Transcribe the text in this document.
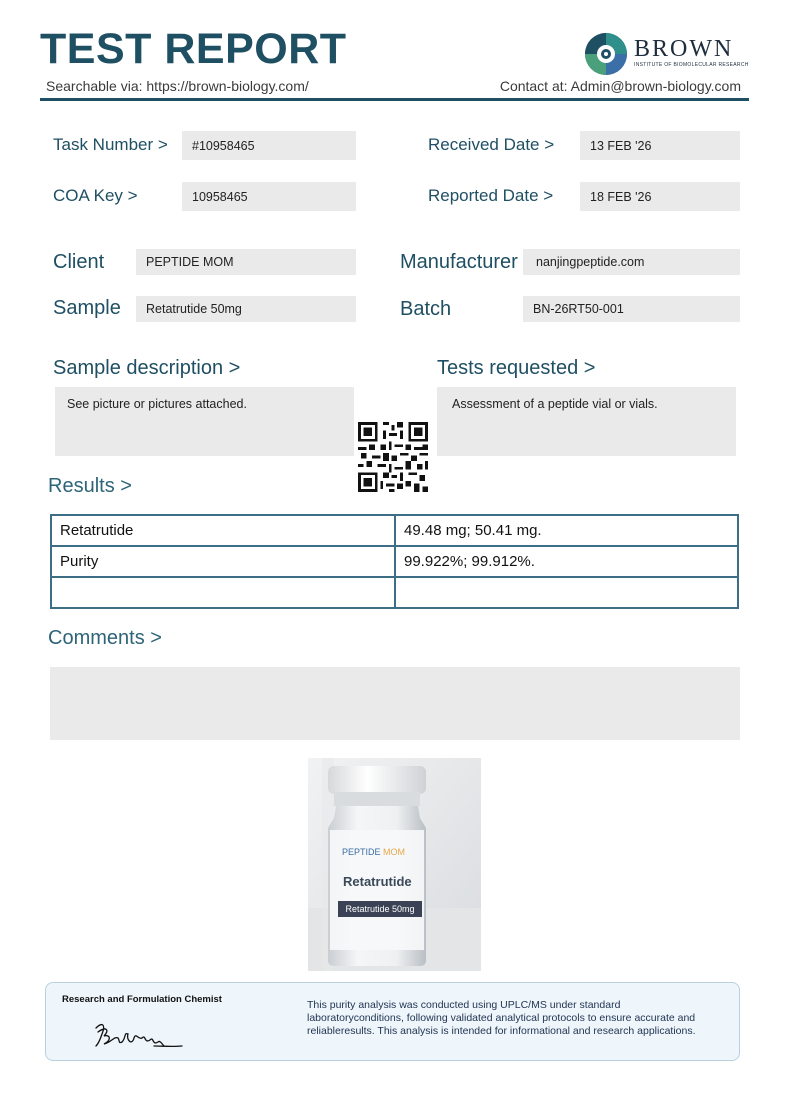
TEST REPORT
Searchable via: https://brown-biology.com/	Contact at: Admin@brown-biology.com
BROWN
INSTITUTE OF BIOMOLECULAR RESEARCH
Task Number >	#10958465	Received Date >	13 FEB '26
COA Key >	10958465	Reported Date >	18 FEB '26
Client	PEPTIDE MOM	Manufacturer	nanjingpeptide.com
Sample	Retatrutide 50mg	Batch	BN-26RT50-001
Sample description >
See picture or pictures attached.
Tests requested >
Assessment of a peptide vial or vials.
Results >
Retatrutide	49.48 mg; 50.41 mg.
Purity	99.922%; 99.912%.

Comments >
PEPTIDE MOM
Retatrutide
Retatrutide 50mg
Research and Formulation Chemist	This purity analysis was conducted using UPLC/MS under standard laboratoryconditions, following validated analytical protocols to ensure accurate and reliableresults. This analysis is intended for informational and research applications.
